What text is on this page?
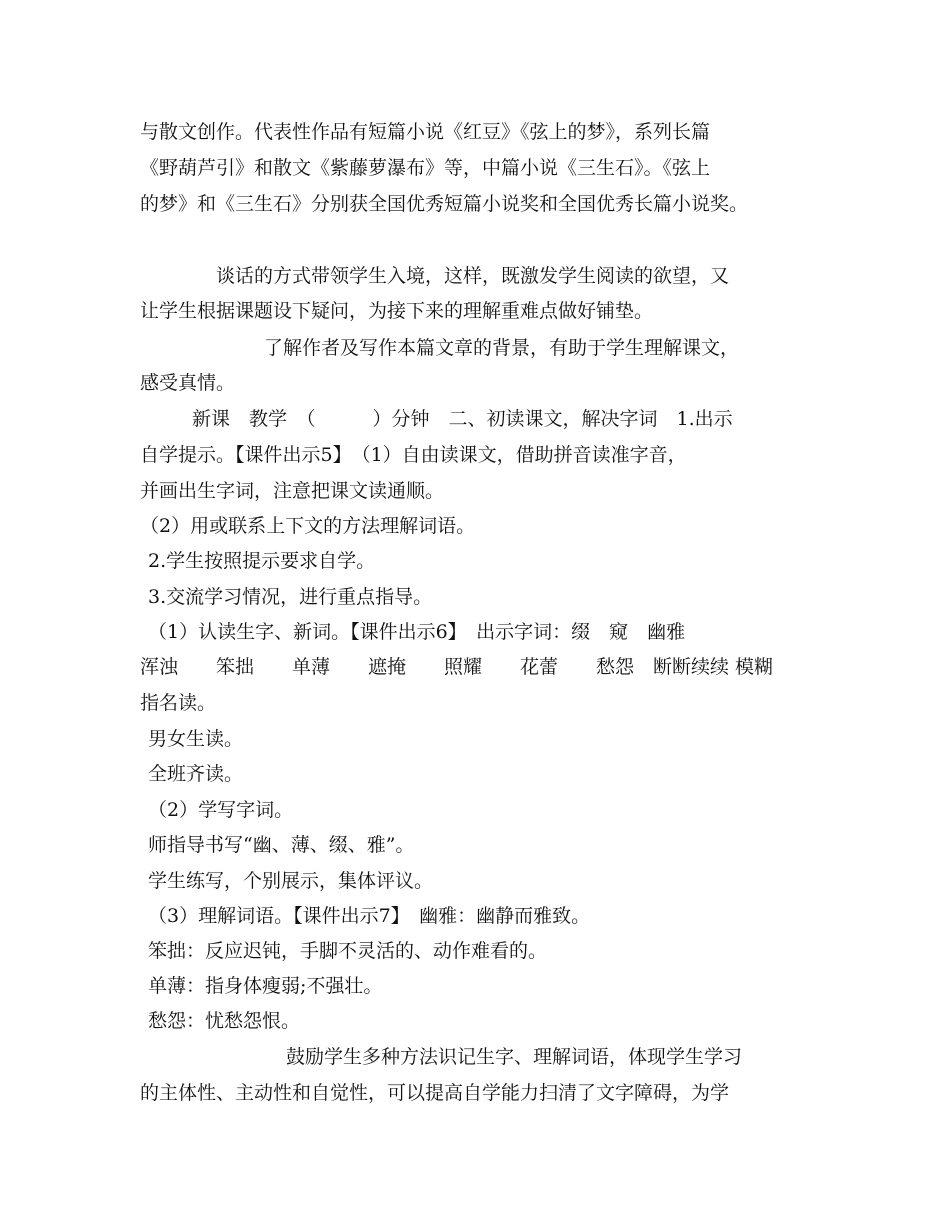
与散文创作。代表性作品有短篇小说《红豆》《弦上的梦》，系列长篇
《野葫芦引》和散文《紫藤萝瀑布》等，中篇小说《三生石》。《弦上
的梦》和《三生石》分别获全国优秀短篇小说奖和全国优秀长篇小说奖。
谈话的方式带领学生入境，这样，既激发学生阅读的欲望，又
让学生根据课题设下疑问，为接下来的理解重难点做好铺垫。
了解作者及写作本篇文章的背景，有助于学生理解课文，
感受真情。
新课　教学　（　　　）分钟　二、初读课文，解决字词　1.出示
自学提示。【课件出示5】　（1）自由读课文，借助拼音读准字音，
并画出生字词，注意把课文读通顺。
（2）用或联系上下文的方法理解词语。
2.学生按照提示要求自学。
3.交流学习情况，进行重点指导。
（1）认读生字、新词。【课件出示6】　出示字词：缀　窥　幽雅
浑浊　　笨拙　　单薄　　遮掩　　照耀　　花蕾　　愁怨　断断续续 模糊
指名读。
男女生读。
全班齐读。
（2）学写字词。
师指导书写“幽、薄、缀、雅”。
学生练写，个别展示，集体评议。
（3）理解词语。【课件出示7】　幽雅：幽静而雅致。
笨拙：反应迟钝，手脚不灵活的、动作难看的。
单薄：指身体瘦弱;不强壮。
愁怨：忧愁怨恨。
鼓励学生多种方法识记生字、理解词语，体现学生学习
的主体性、主动性和自觉性，可以提高自学能力扫清了文字障碍，为学
